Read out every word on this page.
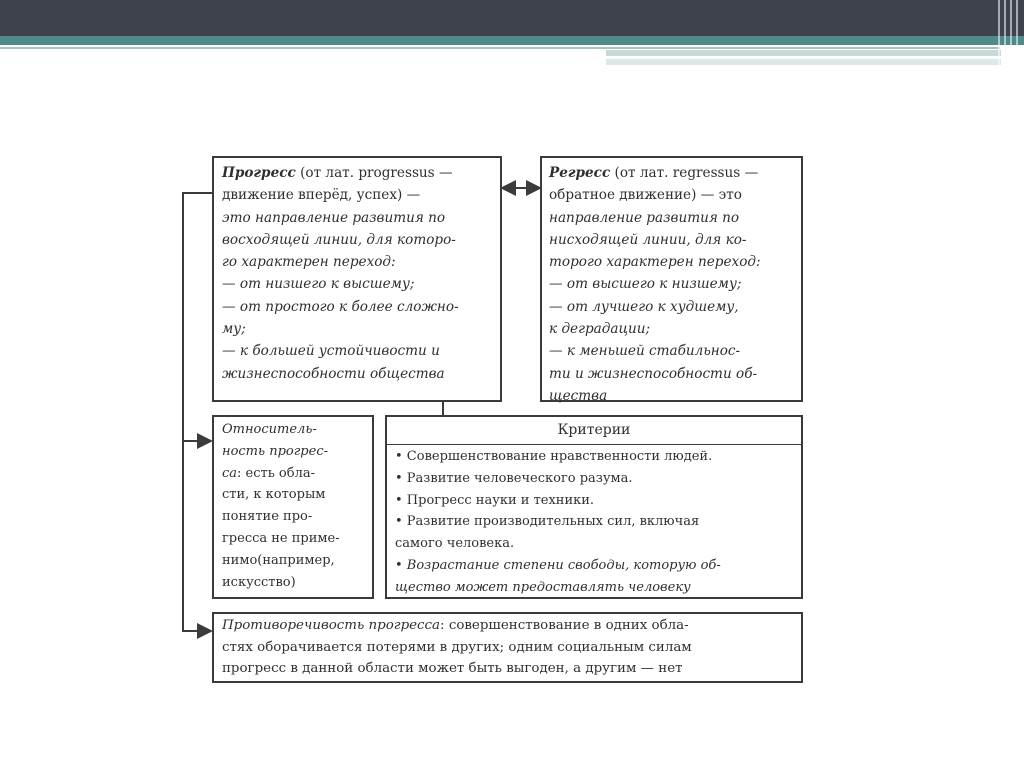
Прогресс (от лат. progressus —
движение вперёд, успех) —
это направление развития по
восходящей линии, для которо-
го характерен переход:
— от низшего к высшему;
— от простого к более сложно-
му;
— к большей устойчивости и
жизнеспособности общества
Регресс (от лат. regressus —
обратное движение) — это
направление развития по
нисходящей линии, для ко-
торого характерен переход:
— от высшего к низшему;
— от лучшего к худшему,
к деградации;
— к меньшей стабильнос-
ти и жизнеспособности об-
щества
Относитель-
ность прогрес-
са: есть обла-
сти, к которым
понятие про-
гресса не приме-
нимо(например,
искусство)
Критерии
• Совершенствование нравственности людей.
• Развитие человеческого разума.
• Прогресс науки и техники.
• Развитие производительных сил, включая
самого человека.
• Возрастание степени свободы, которую об-
щество может предоставлять человеку
Противоречивость прогресса: совершенствование в одних обла-
стях оборачивается потерями в других; одним социальным силам
прогресс в данной области может быть выгоден, а другим — нет
